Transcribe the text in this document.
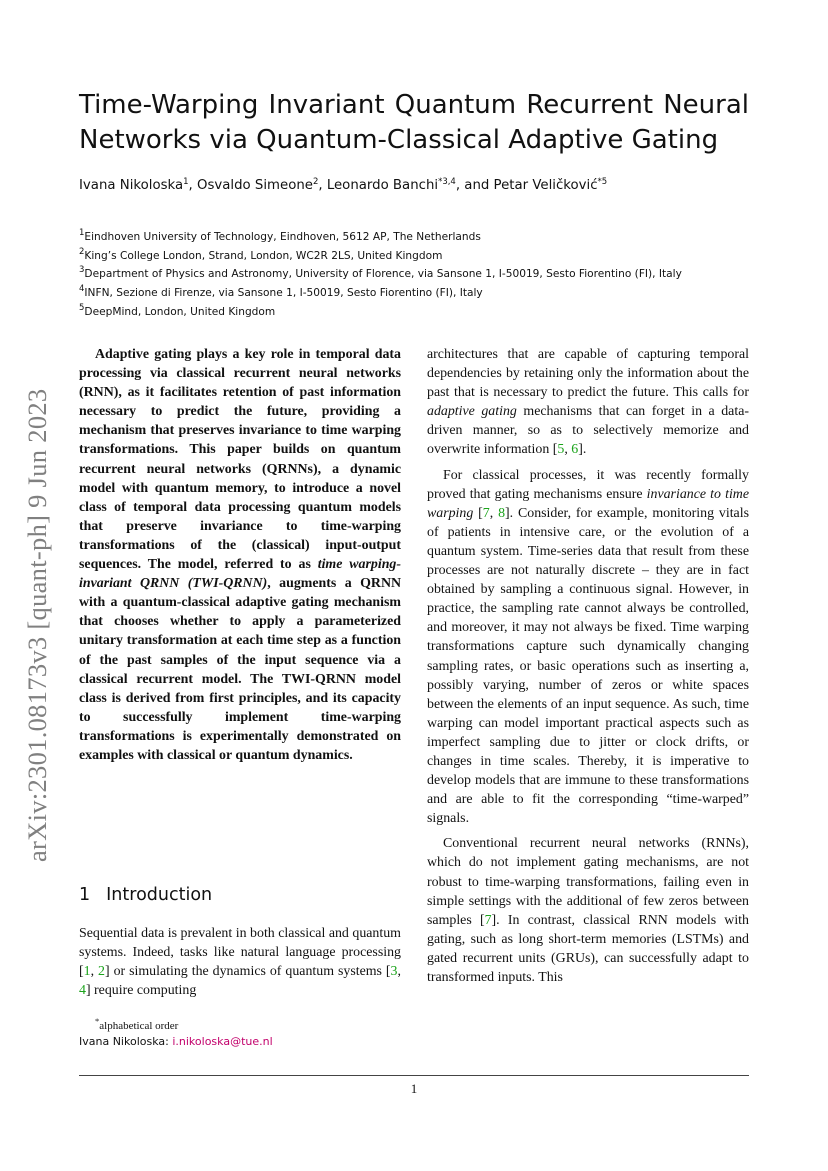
arXiv:2301.08173v3 [quant-ph] 9 Jun 2023
Time-Warping Invariant Quantum Recurrent Neural
Networks via Quantum-Classical Adaptive Gating
Ivana Nikoloska$^1$, Osvaldo Simeone$^2$, Leonardo Banchi$^{*3,4}$, and Petar Veličković$^{*5}$
$^1$Eindhoven University of Technology, Eindhoven, 5612 AP, The Netherlands
$^2$King’s College London, Strand, London, WC2R 2LS, United Kingdom
$^3$Department of Physics and Astronomy, University of Florence, via Sansone 1, I-50019, Sesto Fiorentino (FI), Italy
$^4$INFN, Sezione di Firenze, via Sansone 1, I-50019, Sesto Fiorentino (FI), Italy
$^5$DeepMind, London, United Kingdom
Adaptive gating plays a key role in temporal data processing via classical recurrent neural networks (RNN), as it facilitates retention of past information necessary to predict the future, providing a mechanism that preserves invariance to time warping transformations. This paper builds on quantum recurrent neural networks (QRNNs), a dynamic model with quantum memory, to introduce a novel class of temporal data processing quantum models that preserve invariance to time-warping transformations of the (classical) input-output sequences. The model, referred to as time warping-invariant QRNN (TWI-QRNN), augments a QRNN with a quantum-classical adaptive gating mechanism that chooses whether to apply a parameterized unitary transformation at each time step as a function of the past samples of the input sequence via a classical recurrent model. The TWI-QRNN model class is derived from first principles, and its capacity to successfully implement time-warping transformations is experimentally demonstrated on examples with classical or quantum dynamics.
1 Introduction
Sequential data is prevalent in both classical and quantum systems. Indeed, tasks like natural language processing [1, 2] or simulating the dynamics of quantum systems [3, 4] require computing

architectures that are capable of capturing temporal dependencies by retaining only the information about the past that is necessary to predict the future. This calls for adaptive gating mechanisms that can forget in a data-driven manner, so as to selectively memorize and overwrite information [5, 6].

For classical processes, it was recently formally proved that gating mechanisms ensure invariance to time warping [7, 8]. Consider, for example, monitoring vitals of patients in intensive care, or the evolution of a quantum system. Time-series data that result from these processes are not naturally discrete – they are in fact obtained by sampling a continuous signal. However, in practice, the sampling rate cannot always be controlled, and moreover, it may not always be fixed. Time warping transformations capture such dynamically changing sampling rates, or basic operations such as inserting a, possibly varying, number of zeros or white spaces between the elements of an input sequence. As such, time warping can model important practical aspects such as imperfect sampling due to jitter or clock drifts, or changes in time scales. Thereby, it is imperative to develop models that are immune to these transformations and are able to fit the corresponding “time-warped” signals.

Conventional recurrent neural networks (RNNs), which do not implement gating mechanisms, are not robust to time-warping transformations, failing even in simple settings with the additional of few zeros between samples [7]. In contrast, classical RNN models with gating, such as long short-term memories (LSTMs) and gated recurrent units (GRUs), can successfully adapt to transformed inputs. This

*alphabetical order
Ivana Nikoloska: i.nikoloska@tue.nl
1
